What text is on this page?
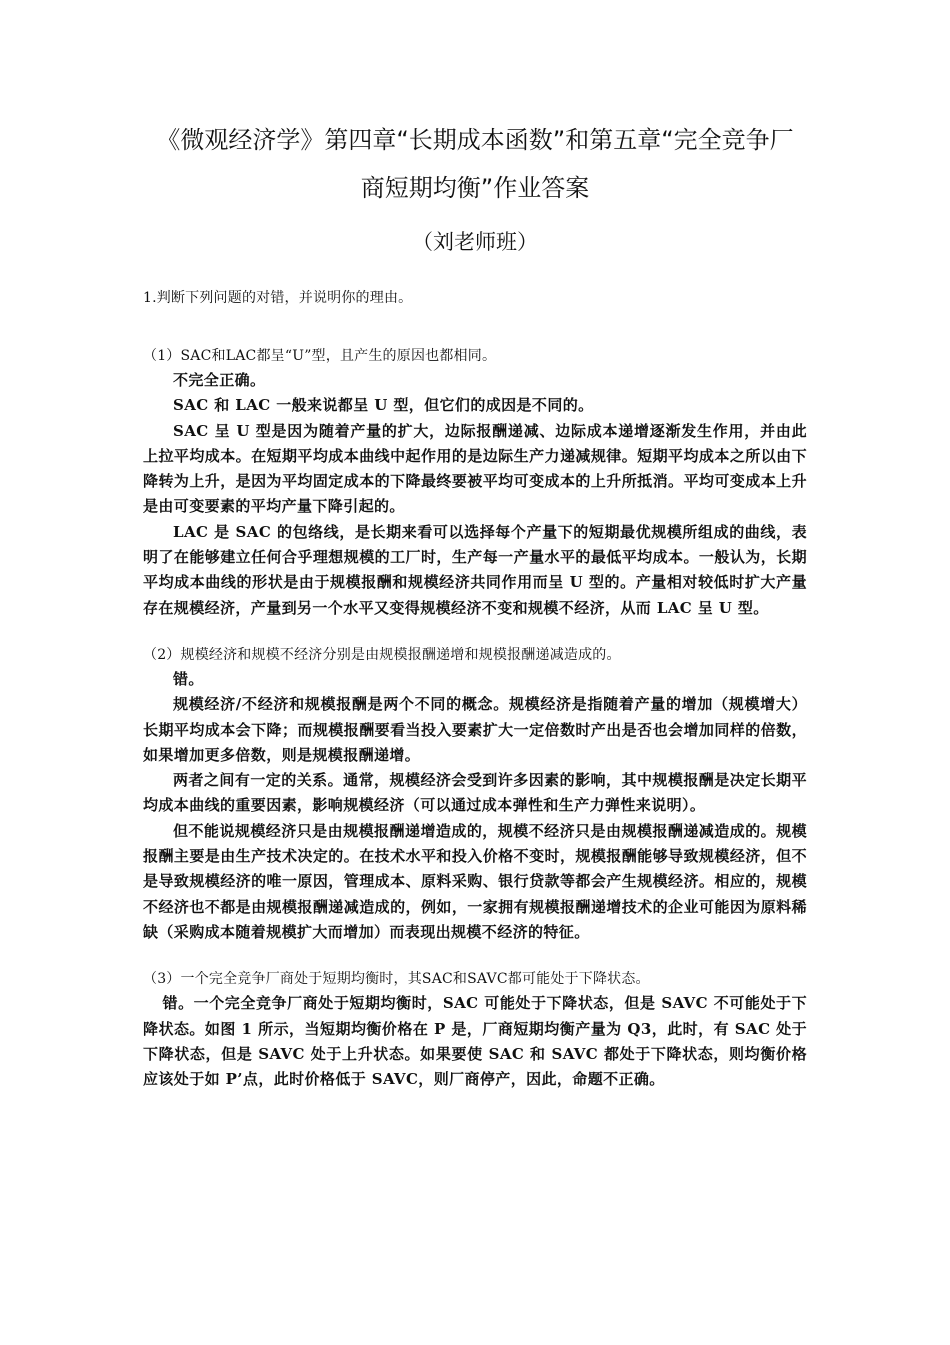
《微观经济学》第四章“长期成本函数”和第五章“完全竞争厂
商短期均衡”作业答案
（刘老师班）

1.判断下列问题的对错，并说明你的理由。

（1）SAC和LAC都呈“U”型，且产生的原因也都相同。

不完全正确。

SAC 和 LAC 一般来说都呈 U 型，但它们的成因是不同的。

SAC 呈 U 型是因为随着产量的扩大，边际报酬递减、边际成本递增逐渐发生作用，并由此上拉平均成本。在短期平均成本曲线中起作用的是边际生产力递减规律。短期平均成本之所以由下降转为上升，是因为平均固定成本的下降最终要被平均可变成本的上升所抵消。平均可变成本上升是由可变要素的平均产量下降引起的。

LAC 是 SAC 的包络线，是长期来看可以选择每个产量下的短期最优规模所组成的曲线，表明了在能够建立任何合乎理想规模的工厂时，生产每一产量水平的最低平均成本。一般认为，长期平均成本曲线的形状是由于规模报酬和规模经济共同作用而呈 U 型的。产量相对较低时扩大产量存在规模经济，产量到另一个水平又变得规模经济不变和规模不经济，从而 LAC 呈 U 型。

（2）规模经济和规模不经济分别是由规模报酬递增和规模报酬递减造成的。

错。

规模经济/不经济和规模报酬是两个不同的概念。规模经济是指随着产量的增加（规模增大）长期平均成本会下降；而规模报酬要看当投入要素扩大一定倍数时产出是否也会增加同样的倍数，如果增加更多倍数，则是规模报酬递增。

两者之间有一定的关系。通常，规模经济会受到许多因素的影响，其中规模报酬是决定长期平均成本曲线的重要因素，影响规模经济（可以通过成本弹性和生产力弹性来说明）。

但不能说规模经济只是由规模报酬递增造成的，规模不经济只是由规模报酬递减造成的。规模报酬主要是由生产技术决定的。在技术水平和投入价格不变时，规模报酬能够导致规模经济，但不是导致规模经济的唯一原因，管理成本、原料采购、银行贷款等都会产生规模经济。相应的，规模不经济也不都是由规模报酬递减造成的，例如，一家拥有规模报酬递增技术的企业可能因为原料稀缺（采购成本随着规模扩大而增加）而表现出规模不经济的特征。

（3）一个完全竞争厂商处于短期均衡时，其SAC和SAVC都可能处于下降状态。

错。一个完全竞争厂商处于短期均衡时，SAC 可能处于下降状态，但是 SAVC 不可能处于下降状态。如图 1 所示，当短期均衡价格在 P 是，厂商短期均衡产量为 Q3，此时，有 SAC 处于下降状态，但是 SAVC 处于上升状态。如果要使 SAC 和 SAVC 都处于下降状态，则均衡价格应该处于如 P’点，此时价格低于 SAVC，则厂商停产，因此，命题不正确。
